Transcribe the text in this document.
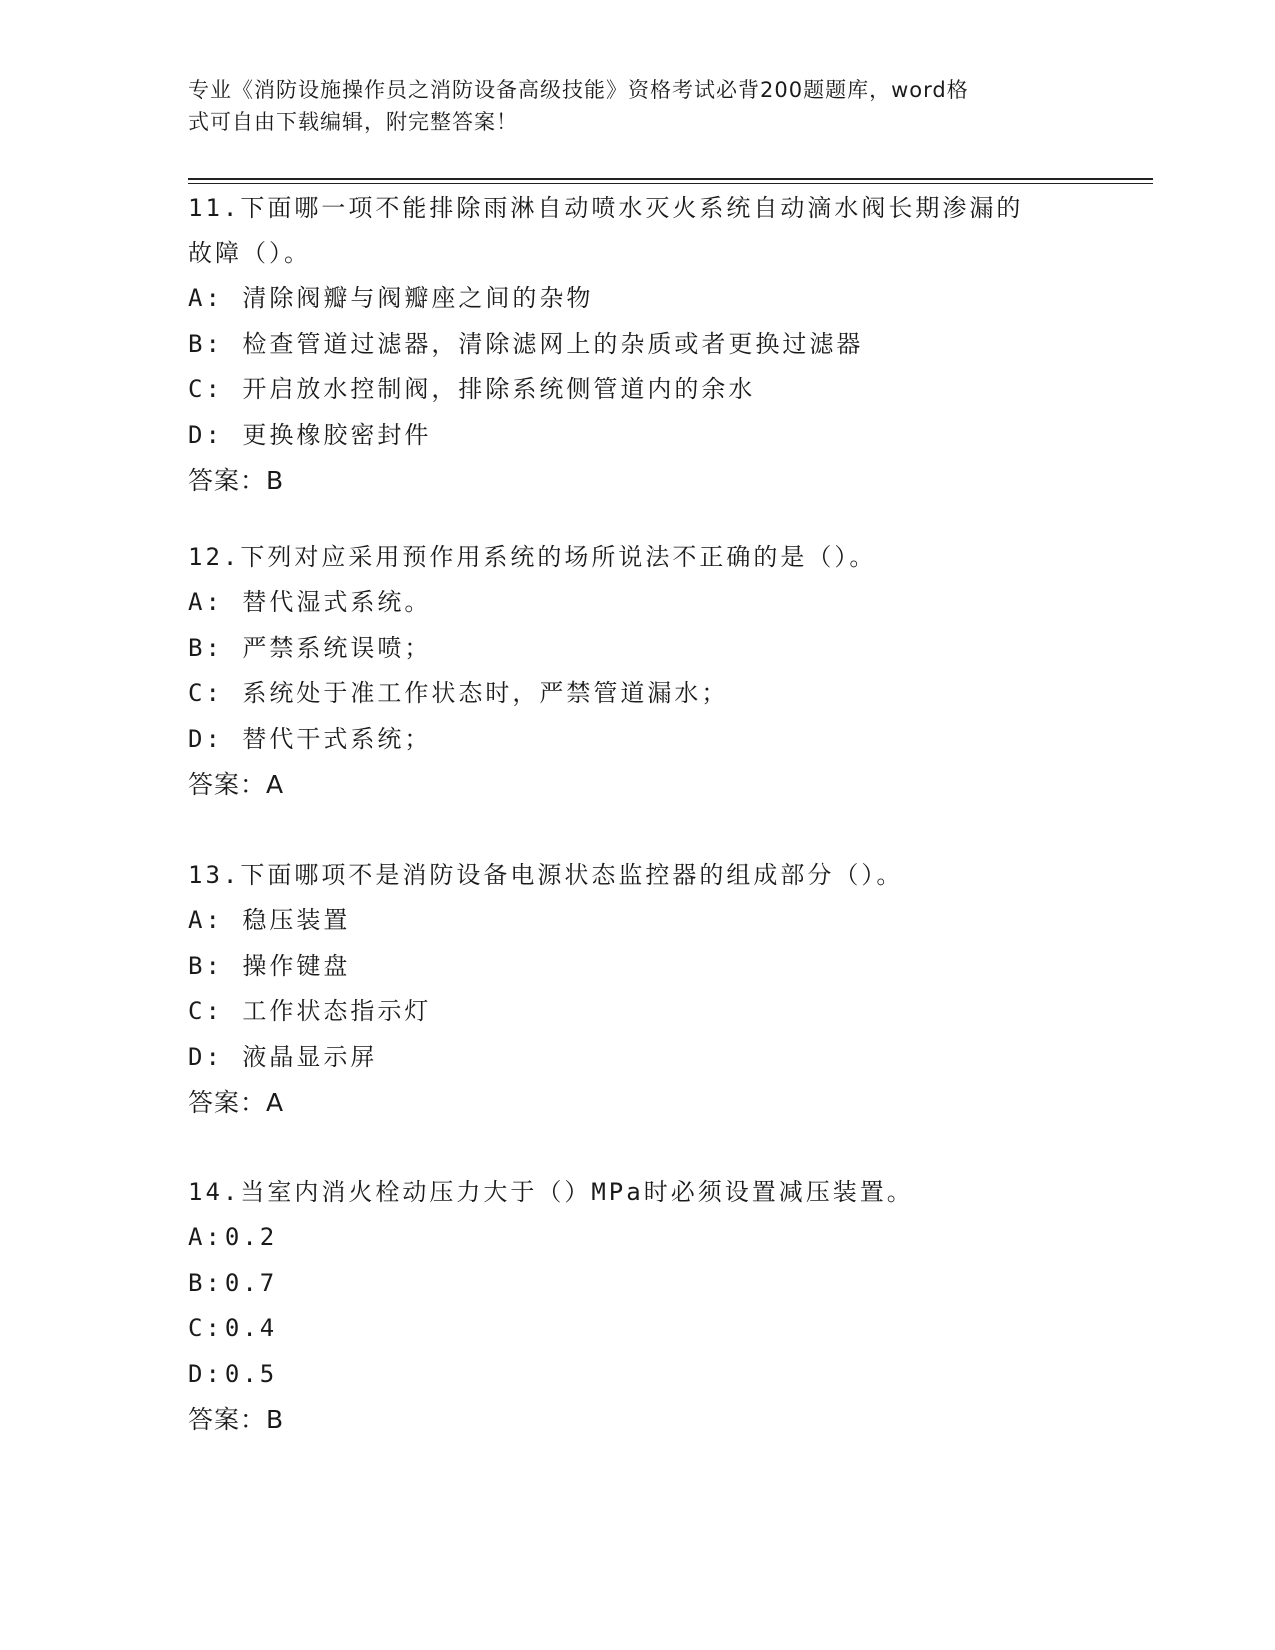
专业《消防设施操作员之消防设备高级技能》资格考试必背200题题库，word格
式可自由下载编辑，附完整答案！

11.下面哪一项不能排除雨淋自动喷水灭火系统自动滴水阀长期渗漏的

故障（）。

A: 清除阀瓣与阀瓣座之间的杂物

B: 检查管道过滤器，清除滤网上的杂质或者更换过滤器

C: 开启放水控制阀，排除系统侧管道内的余水

D: 更换橡胶密封件

答案：B

12.下列对应采用预作用系统的场所说法不正确的是（）。

A: 替代湿式系统。

B: 严禁系统误喷；

C: 系统处于准工作状态时，严禁管道漏水；

D: 替代干式系统；

答案：A

13.下面哪项不是消防设备电源状态监控器的组成部分（）。

A: 稳压装置

B: 操作键盘

C: 工作状态指示灯

D: 液晶显示屏

答案：A

14.当室内消火栓动压力大于（）MPa时必须设置减压装置。

A:0.2

B:0.7

C:0.4

D:0.5

答案：B
